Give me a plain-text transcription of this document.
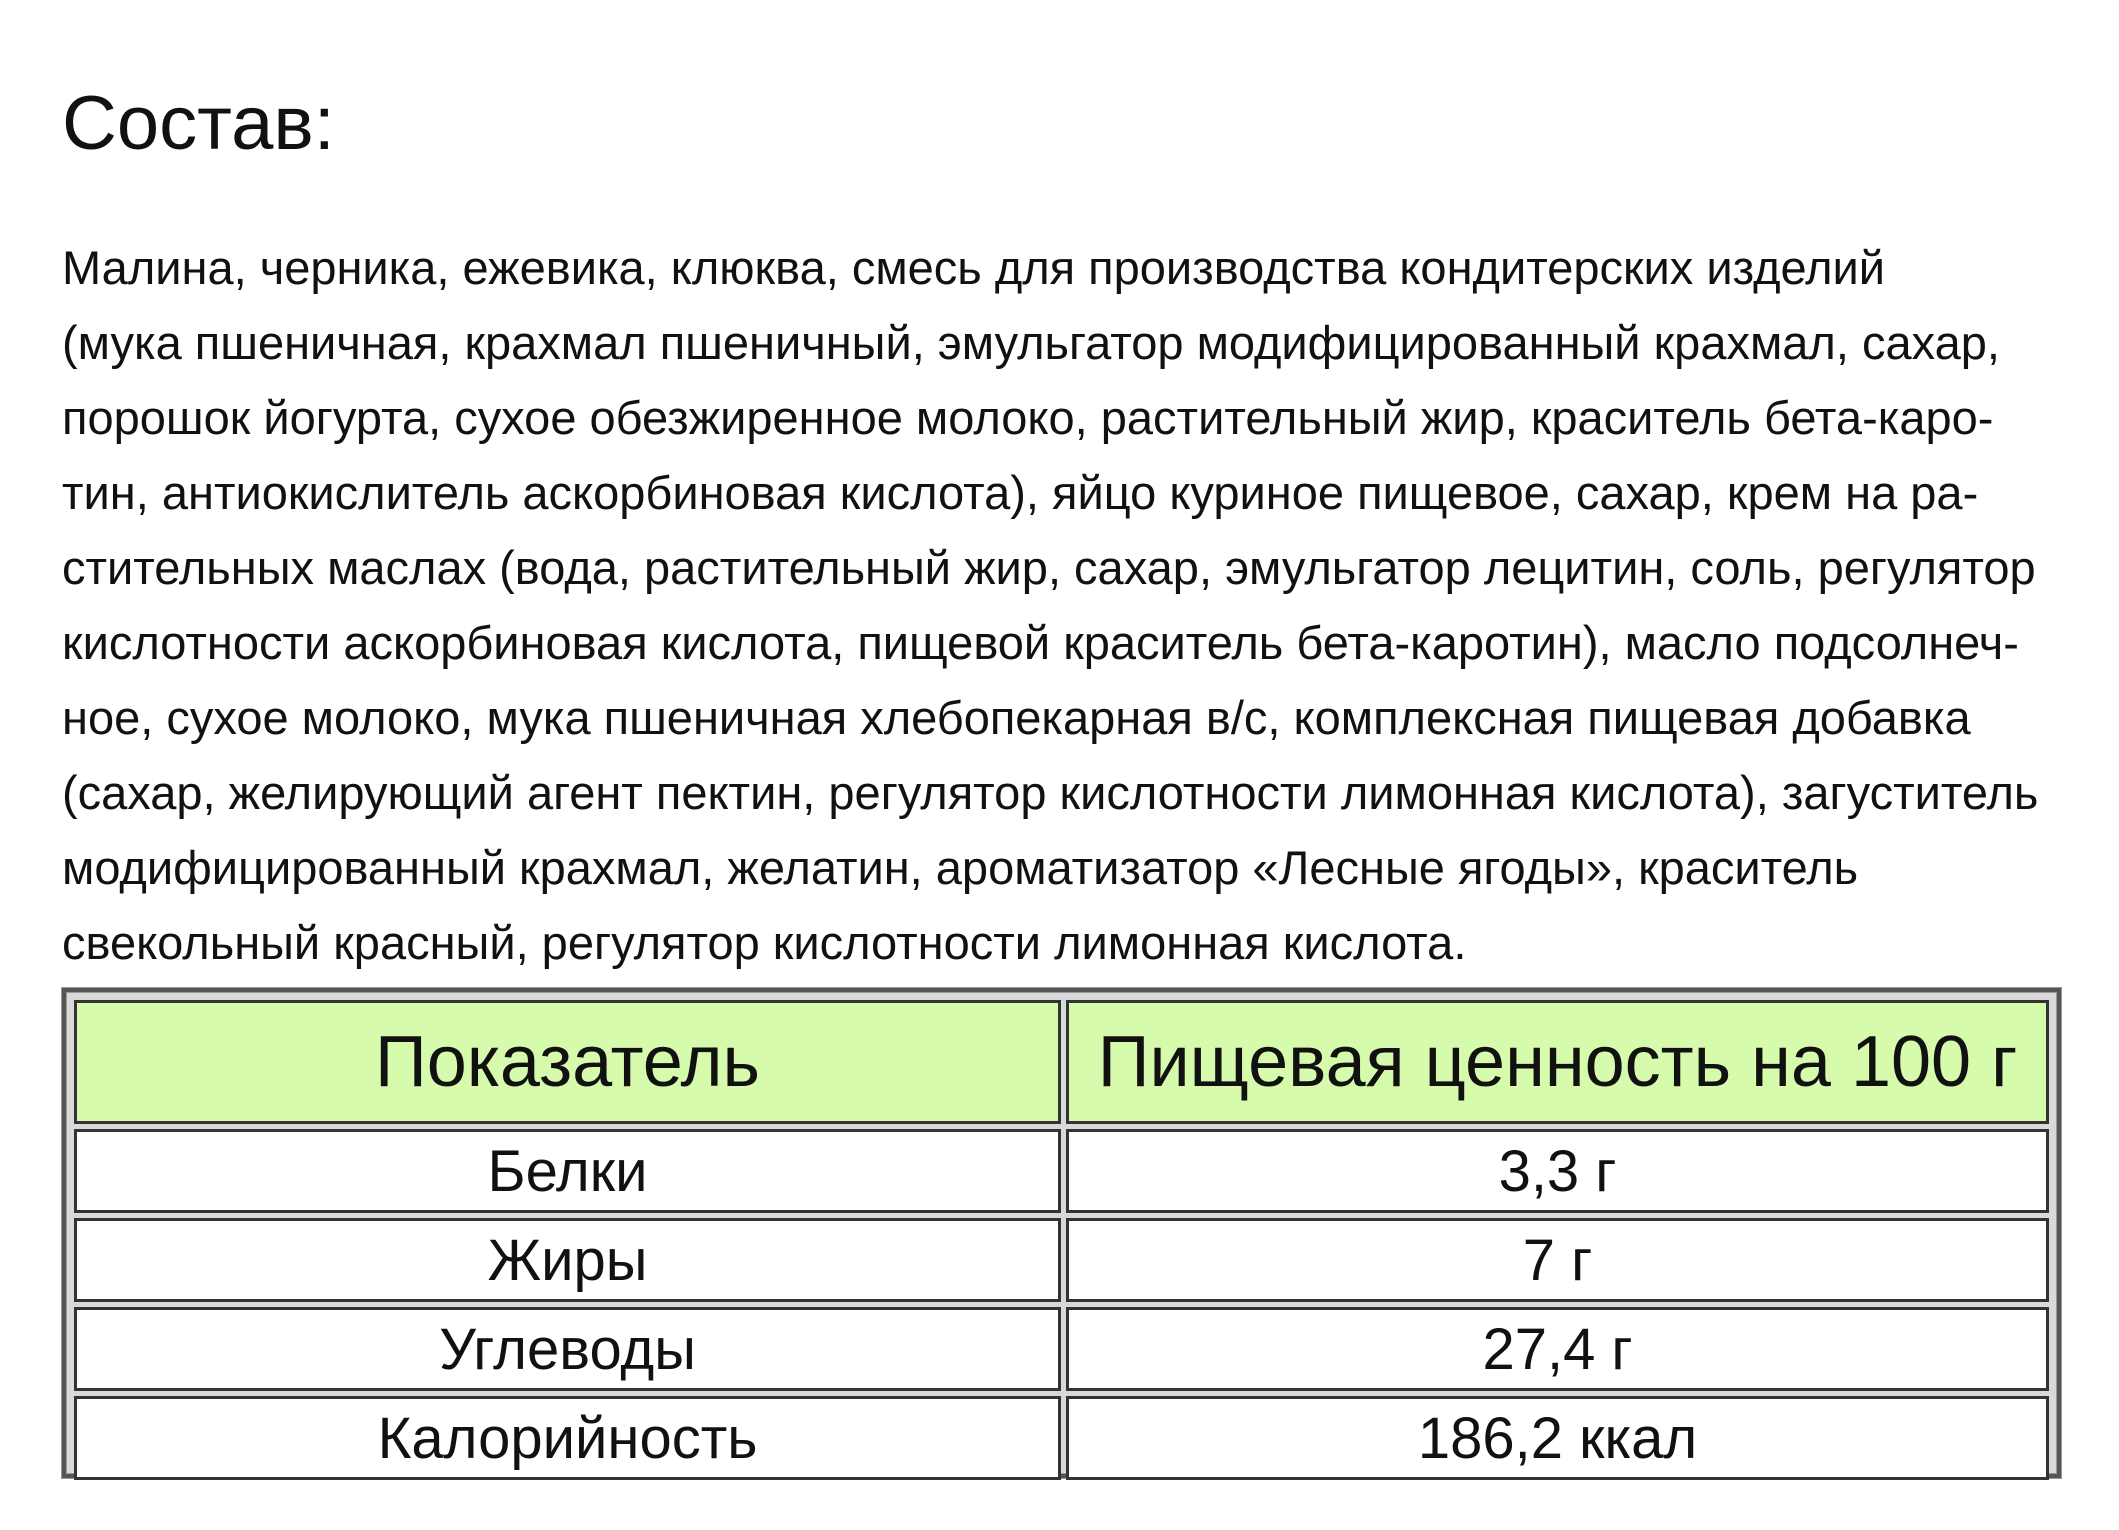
Состав:

Малина, черника, ежевика, клюква, смесь для производства кондитерских изделий
(мука пшеничная, крахмал пшеничный, эмульгатор модифицированный крахмал, сахар,
порошок йогурта, сухое обезжиренное молоко, растительный жир, краситель бета-каро-
тин, антиокислитель аскорбиновая кислота), яйцо куриное пищевое, сахар, крем на ра-
стительных маслах (вода, растительный жир, сахар, эмульгатор лецитин, соль, регулятор
кислотности аскорбиновая кислота, пищевой краситель бета-каротин), масло подсолнеч-
ное, сухое молоко, мука пшеничная хлебопекарная в/с, комплексная пищевая добавка
(сахар, желирующий агент пектин, регулятор кислотности лимонная кислота), загуститель
модифицированный крахмал, желатин, ароматизатор «Лесные ягоды», краситель
свекольный красный, регулятор кислотности лимонная кислота.

Показатель	Пищевая ценность на 100 г
Белки	3,3 г
Жиры	7 г
Углеводы	27,4 г
Калорийность	186,2 ккал
